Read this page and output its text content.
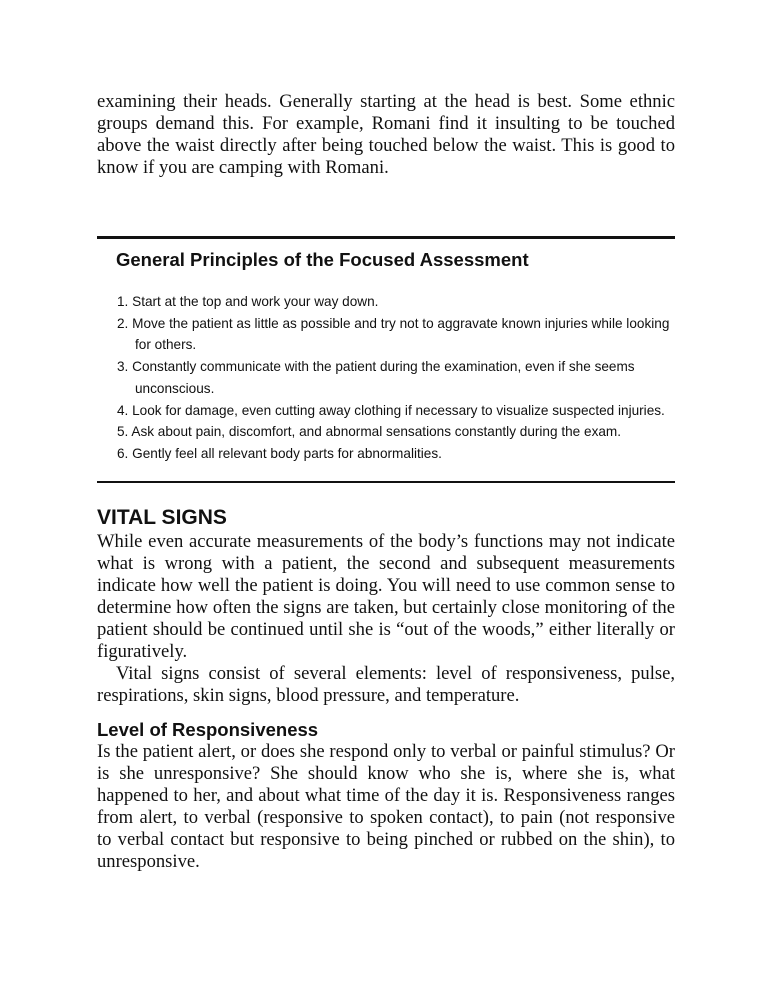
examining their heads. Generally starting at the head is best. Some ethnic groups demand this. For example, Romani find it insulting to be touched above the waist directly after being touched below the waist. This is good to know if you are camping with Romani.

General Principles of the Focused Assessment
1. Start at the top and work your way down.
2. Move the patient as little as possible and try not to aggravate known injuries while looking for others.
3. Constantly communicate with the patient during the examination, even if she seems unconscious.
4. Look for damage, even cutting away clothing if necessary to visualize suspected injuries.
5. Ask about pain, discomfort, and abnormal sensations constantly during the exam.
6. Gently feel all relevant body parts for abnormalities.
VITAL SIGNS

While even accurate measurements of the body’s functions may not indicate what is wrong with a patient, the second and subsequent measurements indicate how well the patient is doing. You will need to use common sense to determine how often the signs are taken, but certainly close monitoring of the patient should be continued until she is “out of the woods,” either literally or figuratively.

Vital signs consist of several elements: level of responsiveness, pulse, respirations, skin signs, blood pressure, and temperature.

Level of Responsiveness

Is the patient alert, or does she respond only to verbal or painful stimulus? Or is she unresponsive? She should know who she is, where she is, what happened to her, and about what time of the day it is. Responsiveness ranges from alert, to verbal (responsive to spoken contact), to pain (not responsive to verbal contact but responsive to being pinched or rubbed on the shin), to unresponsive.
